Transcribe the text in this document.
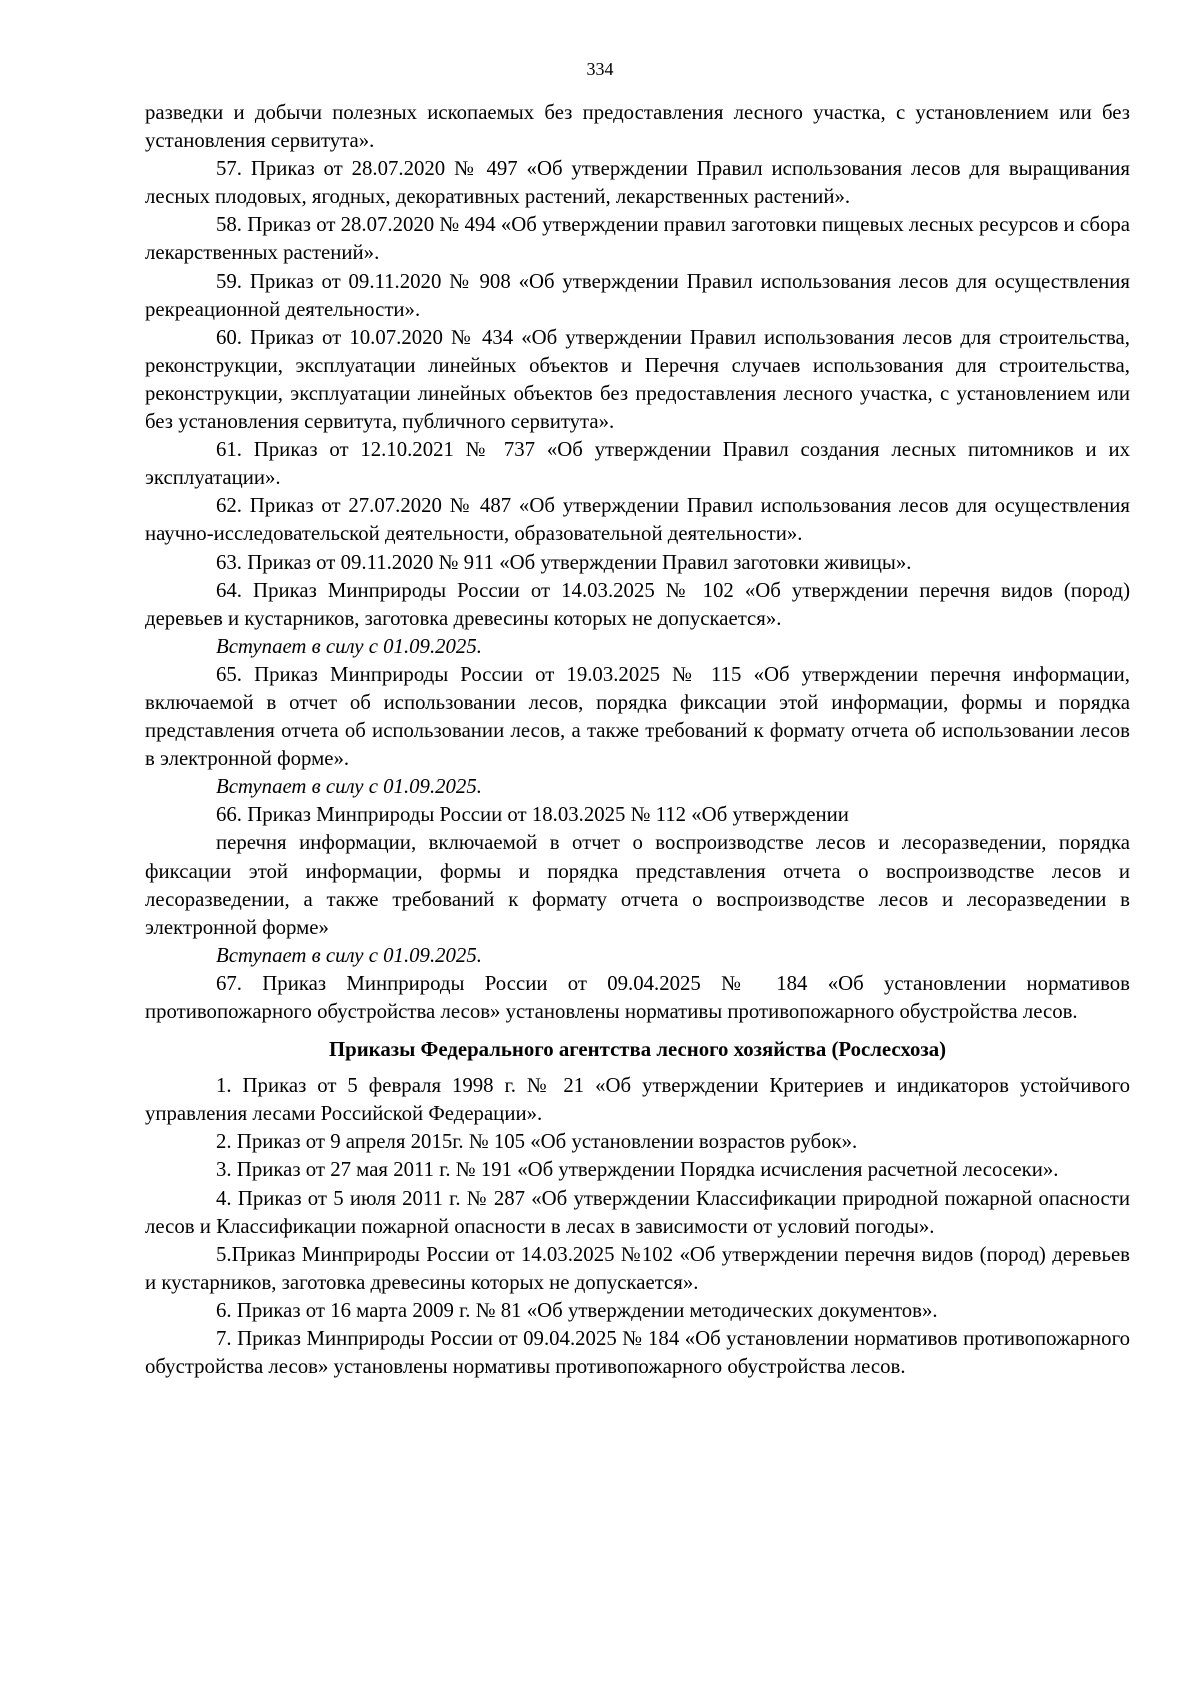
334

разведки и добычи полезных ископаемых без предоставления лесного участка, с установлением или без установления сервитута».

57. Приказ от 28.07.2020 № 497 «Об утверждении Правил использования лесов для выращивания лесных плодовых, ягодных, декоративных растений, лекарственных растений».

58. Приказ от 28.07.2020 № 494 «Об утверждении правил заготовки пищевых лесных ресурсов и сбора лекарственных растений».

59. Приказ от 09.11.2020 № 908 «Об утверждении Правил использования лесов для осуществления рекреационной деятельности».

60. Приказ от 10.07.2020 № 434 «Об утверждении Правил использования лесов для строительства, реконструкции, эксплуатации линейных объектов и Перечня случаев использования для строительства, реконструкции, эксплуатации линейных объектов без предоставления лесного участка, с установлением или без установления сервитута, публичного сервитута».

61. Приказ от 12.10.2021 № 737 «Об утверждении Правил создания лесных питомников и их эксплуатации».

62. Приказ от 27.07.2020 № 487 «Об утверждении Правил использования лесов для осуществления научно-исследовательской деятельности, образовательной деятельности».

63. Приказ от 09.11.2020 № 911 «Об утверждении Правил заготовки живицы».

64. Приказ Минприроды России от 14.03.2025 № 102 «Об утверждении перечня видов (пород) деревьев и кустарников, заготовка древесины которых не допускается».

Вступает в силу с 01.09.2025.

65. Приказ Минприроды России от 19.03.2025 № 115 «Об утверждении перечня информации, включаемой в отчет об использовании лесов, порядка фиксации этой информации, формы и порядка представления отчета об использовании лесов, а также требований к формату отчета об использовании лесов в электронной форме».

Вступает в силу с 01.09.2025.

66. Приказ Минприроды России от 18.03.2025 № 112 «Об утверждении

перечня информации, включаемой в отчет о воспроизводстве лесов и лесоразведении, порядка фиксации этой информации, формы и порядка представления отчета о воспроизводстве лесов и лесоразведении, а также требований к формату отчета о воспроизводстве лесов и лесоразведении в электронной форме»

Вступает в силу с 01.09.2025.

67. Приказ Минприроды России от 09.04.2025 № 184 «Об установлении нормативов противопожарного обустройства лесов» установлены нормативы противопожарного обустройства лесов.

Приказы Федерального агентства лесного хозяйства (Рослесхоза)

1. Приказ от 5 февраля 1998 г. № 21 «Об утверждении Критериев и индикаторов устойчивого управления лесами Российской Федерации».

2. Приказ от 9 апреля 2015г. № 105 «Об установлении возрастов рубок».

3. Приказ от 27 мая 2011 г. № 191 «Об утверждении Порядка исчисления расчетной лесосеки».

4. Приказ от 5 июля 2011 г. № 287 «Об утверждении Классификации природной пожарной опасности лесов и Классификации пожарной опасности в лесах в зависимости от условий погоды».

5.Приказ Минприроды России от 14.03.2025 №102 «Об утверждении перечня видов (пород) деревьев и кустарников, заготовка древесины которых не допускается».

6. Приказ от 16 марта 2009 г. № 81 «Об утверждении методических документов».

7. Приказ Минприроды России от 09.04.2025 № 184 «Об установлении нормативов противопожарного обустройства лесов» установлены нормативы противопожарного обустройства лесов.
